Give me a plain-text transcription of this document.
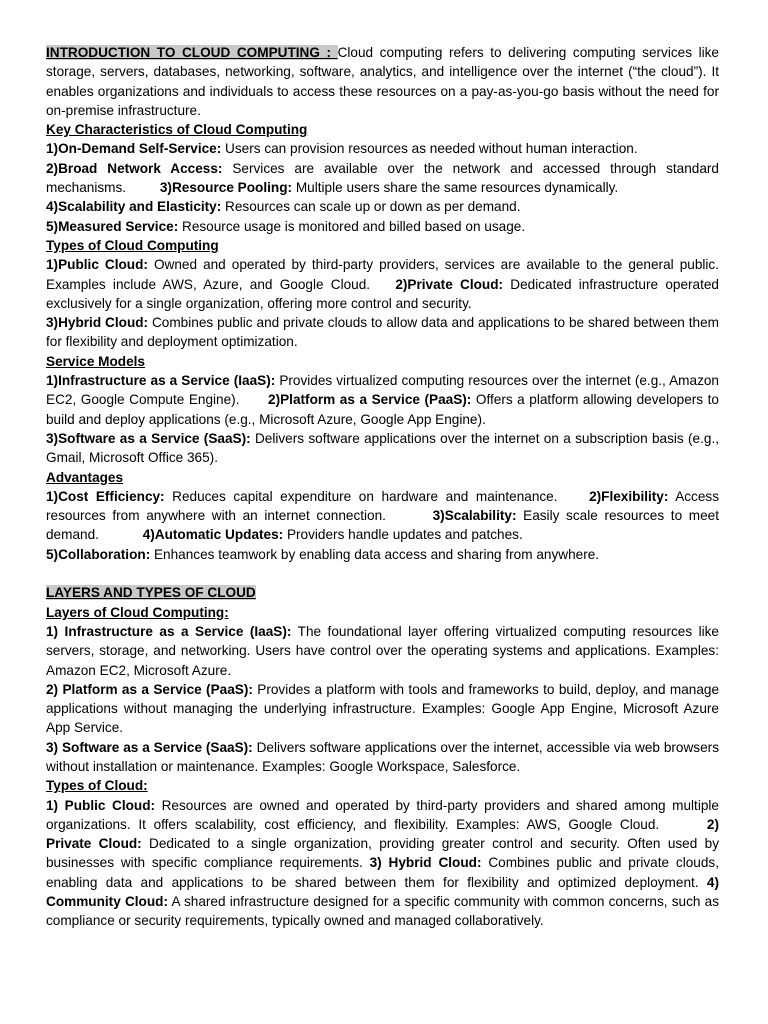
INTRODUCTION TO CLOUD COMPUTING : Cloud computing refers to delivering computing services like storage, servers, databases, networking, software, analytics, and intelligence over the internet (“the cloud”). It enables organizations and individuals to access these resources on a pay-as-you-go basis without the need for on-premise infrastructure.

Key Characteristics of Cloud Computing

1)On-Demand Self-Service: Users can provision resources as needed without human interaction.

2)Broad Network Access: Services are available over the network and accessed through standard mechanisms. 3)Resource Pooling: Multiple users share the same resources dynamically.

4)Scalability and Elasticity: Resources can scale up or down as per demand.

5)Measured Service: Resource usage is monitored and billed based on usage.

Types of Cloud Computing

1)Public Cloud: Owned and operated by third-party providers, services are available to the general public. Examples include AWS, Azure, and Google Cloud. 2)Private Cloud: Dedicated infrastructure operated exclusively for a single organization, offering more control and security.

3)Hybrid Cloud: Combines public and private clouds to allow data and applications to be shared between them for flexibility and deployment optimization.

Service Models

1)Infrastructure as a Service (IaaS): Provides virtualized computing resources over the internet (e.g., Amazon EC2, Google Compute Engine). 2)Platform as a Service (PaaS): Offers a platform allowing developers to build and deploy applications (e.g., Microsoft Azure, Google App Engine).

3)Software as a Service (SaaS): Delivers software applications over the internet on a subscription basis (e.g., Gmail, Microsoft Office 365).

Advantages

1)Cost Efficiency: Reduces capital expenditure on hardware and maintenance. 2)Flexibility: Access resources from anywhere with an internet connection.	3)Scalability: Easily scale resources to meet demand.	4)Automatic Updates: Providers handle updates and patches.

5)Collaboration: Enhances teamwork by enabling data access and sharing from anywhere.

LAYERS AND TYPES OF CLOUD
Layers of Cloud Computing:

1) Infrastructure as a Service (IaaS): The foundational layer offering virtualized computing resources like servers, storage, and networking. Users have control over the operating systems and applications. Examples: Amazon EC2, Microsoft Azure.

2) Platform as a Service (PaaS): Provides a platform with tools and frameworks to build, deploy, and manage applications without managing the underlying infrastructure. Examples: Google App Engine, Microsoft Azure App Service.

3) Software as a Service (SaaS): Delivers software applications over the internet, accessible via web browsers without installation or maintenance. Examples: Google Workspace, Salesforce.

Types of Cloud:

1) Public Cloud: Resources are owned and operated by third-party providers and shared among multiple organizations. It offers scalability, cost efficiency, and flexibility. Examples: AWS, Google Cloud.	2) Private Cloud: Dedicated to a single organization, providing greater control and security. Often used by businesses with specific compliance requirements. 3) Hybrid Cloud: Combines public and private clouds, enabling data and applications to be shared between them for flexibility and optimized deployment. 4) Community Cloud: A shared infrastructure designed for a specific community with common concerns, such as compliance or security requirements, typically owned and managed collaboratively.
